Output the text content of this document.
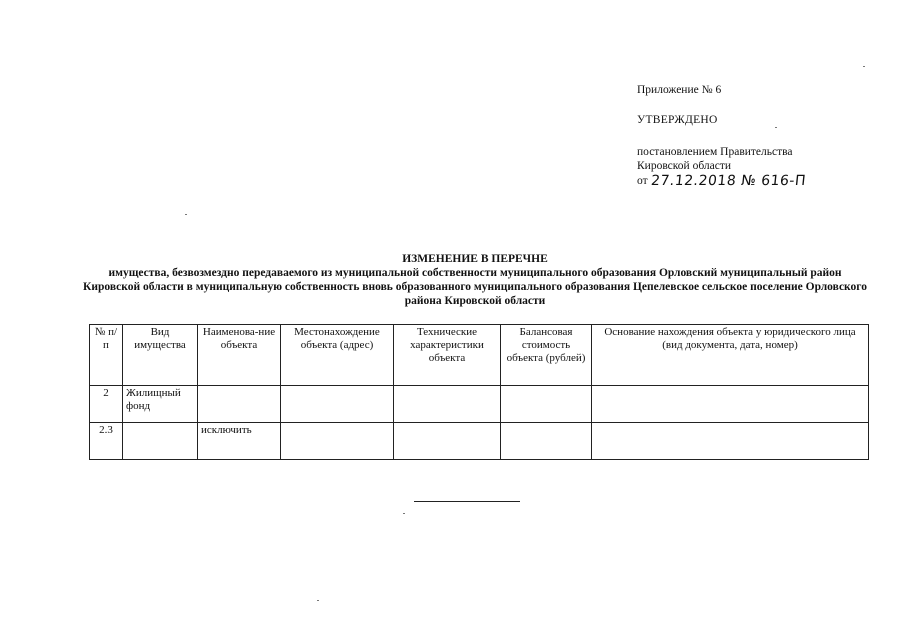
Приложение № 6
УТВЕРЖДЕНО
постановлением Правительства
Кировской области
от 27.12.2018 № 616-П
ИЗМЕНЕНИЕ В ПЕРЕЧНЕ
имущества, безвозмездно передаваемого из муниципальной собственности муниципального образования Орловский муниципальный район Кировской области в муниципальную собственность вновь образованного муниципального образования Цепелевское сельское поселение Орловского района Кировской области
№ п/п	Вид имущества	Наименова-ние объекта	Местонахождение объекта (адрес)	Технические характеристики объекта	Балансовая стоимость объекта (рублей)	Основание нахождения объекта у юридического лица (вид документа, дата, номер)
2	Жилищный фонд					
2.3		исключить				
